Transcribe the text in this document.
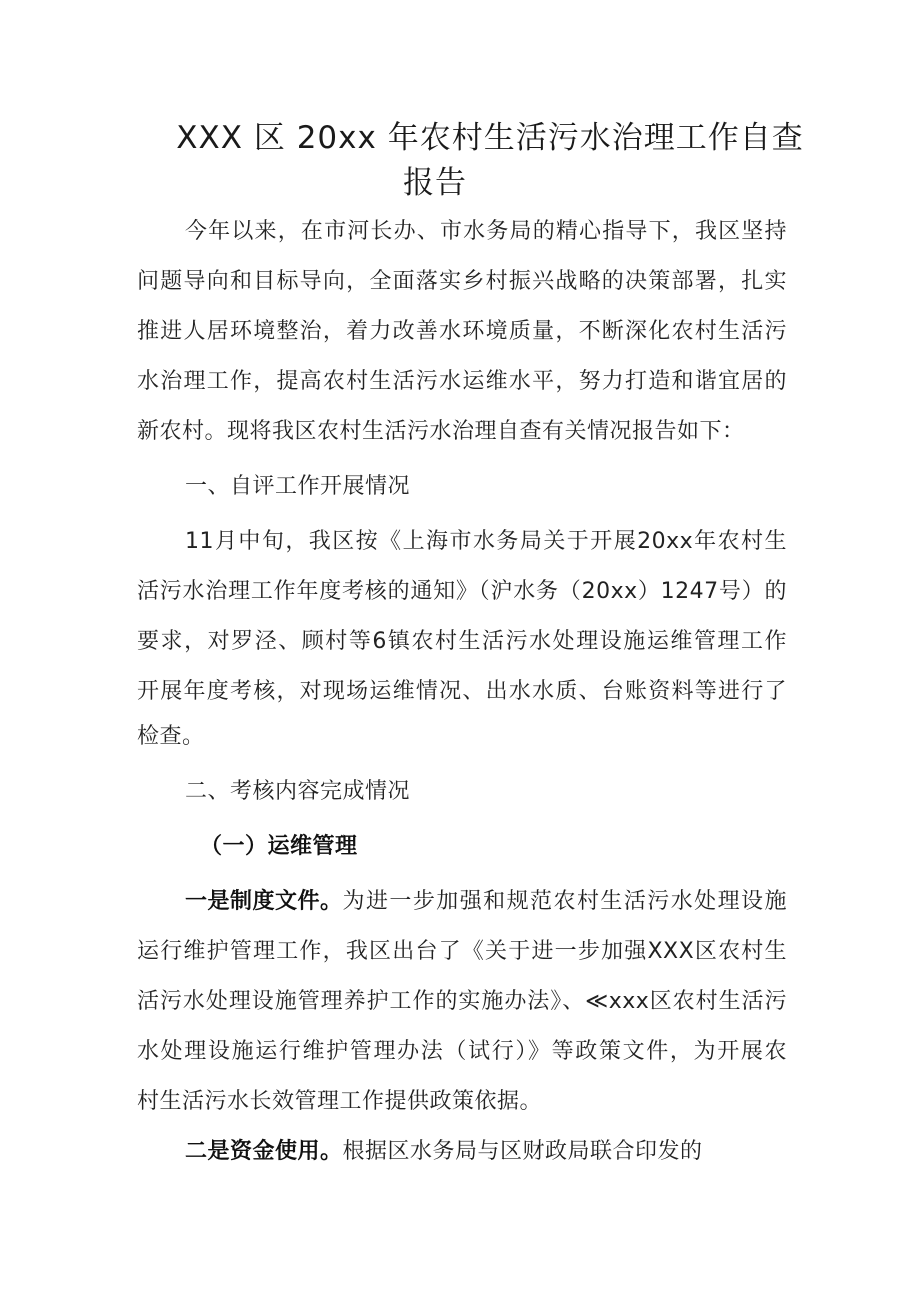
XXX 区 20xx 年农村生活污水治理工作自查
报告
今年以来，在市河长办、市水务局的精心指导下，我区坚持
问题导向和目标导向，全面落实乡村振兴战略的决策部署，扎实
推进人居环境整治，着力改善水环境质量，不断深化农村生活污
水治理工作，提高农村生活污水运维水平，努力打造和谐宜居的
新农村。现将我区农村生活污水治理自查有关情况报告如下：
一、自评工作开展情况
11月中旬，我区按《上海市水务局关于开展20xx年农村生
活污水治理工作年度考核的通知》（沪水务（20xx）1247号）的
要求，对罗泾、顾村等6镇农村生活污水处理设施运维管理工作
开展年度考核，对现场运维情况、出水水质、台账资料等进行了
检查。
二、考核内容完成情况
（一）运维管理
一是制度文件。 为进一步加强和规范农村生活污水处理设施
运行维护管理工作，我区出台了《关于进一步加强XXX区农村生
活污水处理设施管理养护工作的实施办法》、≪xxx区农村生活污
水处理设施运行维护管理办法（试行）》等政策文件，为开展农
村生活污水长效管理工作提供政策依据。
二是资金使用。根据区水务局与区财政局联合印发的
